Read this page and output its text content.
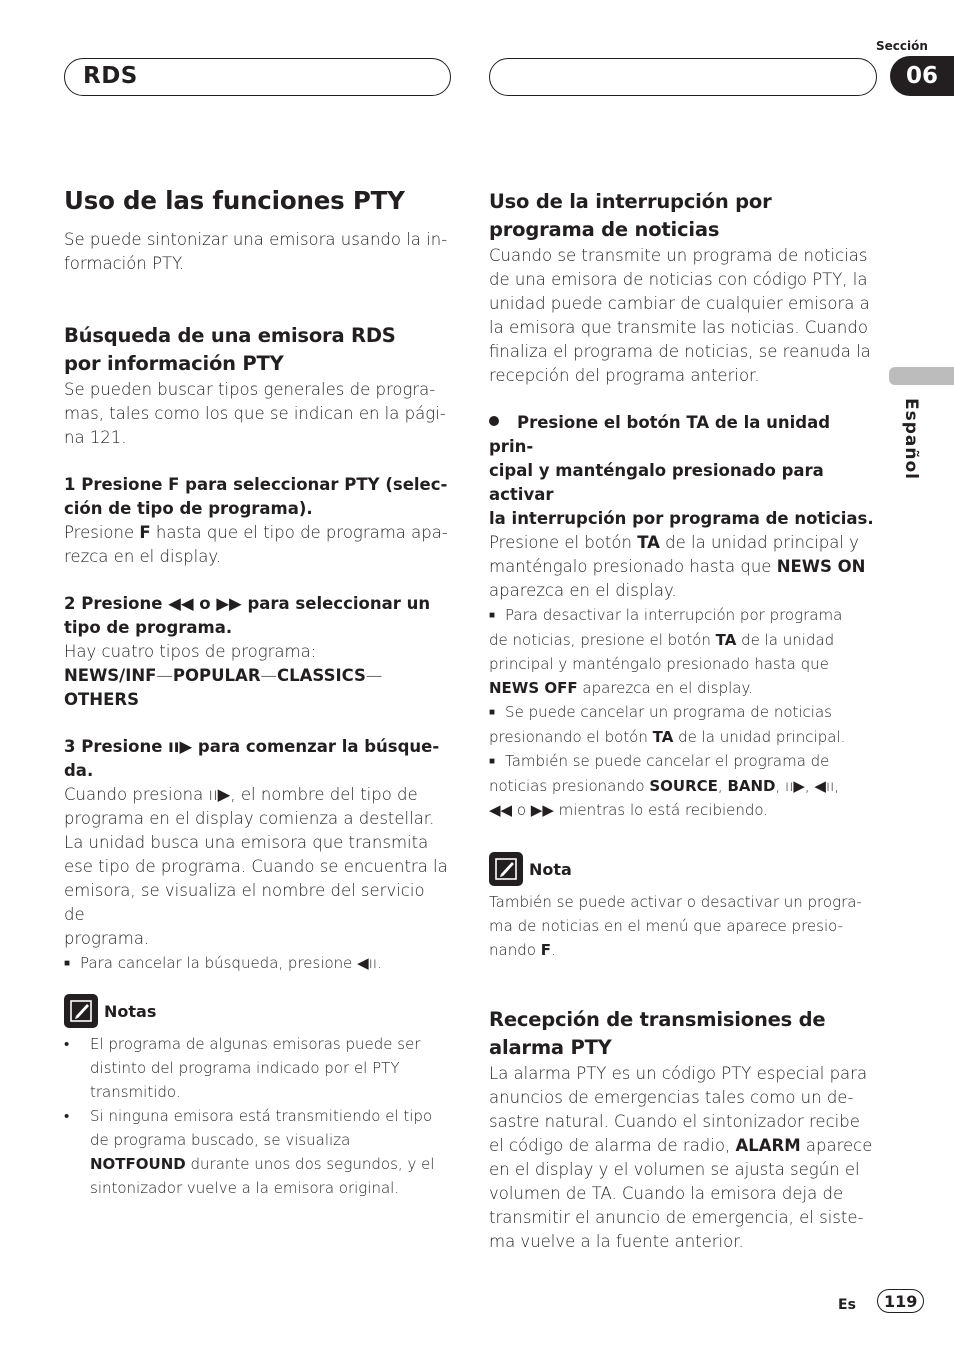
RDS
Sección
06
Español
Uso de las funciones PTY

Se puede sintonizar una emisora usando la in-

formación PTY.

Búsqueda de una emisora RDS
por información PTY

Se pueden buscar tipos generales de progra-

mas, tales como los que se indican en la pági-

na 121.

1 Presione F para seleccionar PTY (selec-

ción de tipo de programa).

Presione F hasta que el tipo de programa apa-

rezca en el display.

2 Presione ◀◀ o ▶▶ para seleccionar un

tipo de programa.

Hay cuatro tipos de programa:

NEWS/INF—POPULAR—CLASSICS—

OTHERS

3 Presione ıı▶ para comenzar la búsque-

da.

Cuando presiona ıı▶, el nombre del tipo de

programa en el display comienza a destellar.

La unidad busca una emisora que transmita

ese tipo de programa. Cuando se encuentra la

emisora, se visualiza el nombre del servicio de

programa.

■ Para cancelar la búsqueda, presione ◀ıı.

Notas
•	El programa de algunas emisoras puede ser
distinto del programa indicado por el PTY
transmitido.
•	Si ninguna emisora está transmitiendo el tipo
de programa buscado, se visualiza
NOTFOUND durante unos dos segundos, y el
sintonizador vuelve a la emisora original.
Uso de la interrupción por
programa de noticias

Cuando se transmite un programa de noticias

de una emisora de noticias con código PTY, la

unidad puede cambiar de cualquier emisora a

la emisora que transmite las noticias. Cuando

finaliza el programa de noticias, se reanuda la

recepción del programa anterior.

Presione el botón TA de la unidad prin-

cipal y manténgalo presionado para activar

la interrupción por programa de noticias.

Presione el botón TA de la unidad principal y

manténgalo presionado hasta que NEWS ON

aparezca en el display.

■ Para desactivar la interrupción por programa

de noticias, presione el botón TA de la unidad

principal y manténgalo presionado hasta que

NEWS OFF aparezca en el display.

■ Se puede cancelar un programa de noticias

presionando el botón TA de la unidad principal.

■ También se puede cancelar el programa de

noticias presionando SOURCE, BAND, ıı▶, ◀ıı,

◀◀ o ▶▶ mientras lo está recibiendo.

Nota

También se puede activar o desactivar un progra-

ma de noticias en el menú que aparece presio-

nando F.

Recepción de transmisiones de
alarma PTY

La alarma PTY es un código PTY especial para

anuncios de emergencias tales como un de-

sastre natural. Cuando el sintonizador recibe

el código de alarma de radio, ALARM aparece

en el display y el volumen se ajusta según el

volumen de TA. Cuando la emisora deja de

transmitir el anuncio de emergencia, el siste-

ma vuelve a la fuente anterior.

Es	119
